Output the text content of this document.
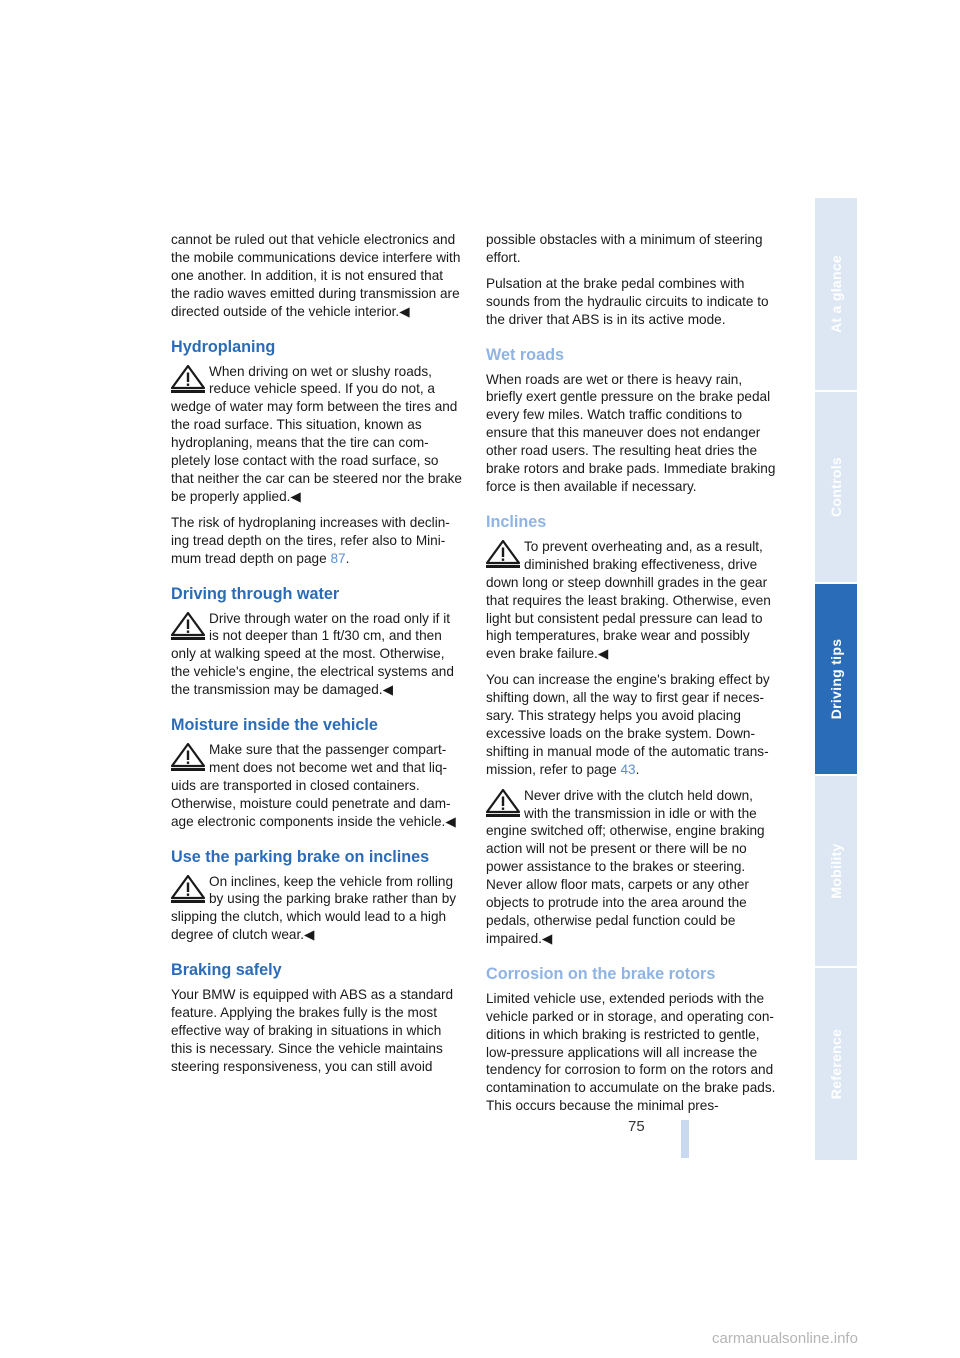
cannot be ruled out that vehicle electronics and the mobile communications device interfere with one another. In addition, it is not ensured that the radio waves emitted during transmission are directed outside of the vehicle interior.◀

Hydroplaning
When driving on wet or slushy roads, reduce vehicle speed. If you do not, a wedge of water may form between the tires and the road surface. This situation, known as hydroplaning, means that the tire can completely lose contact with the road surface, so that neither the car can be steered nor the brake be properly applied.◀

The risk of hydroplaning increases with declining tread depth on the tires, refer also to Minimum tread depth on page 87.

Driving through water
Drive through water on the road only if it is not deeper than 1 ft/30 cm, and then only at walking speed at the most. Otherwise, the vehicle's engine, the electrical systems and the transmission may be damaged.◀
Moisture inside the vehicle
Make sure that the passenger compartment does not become wet and that liquids are transported in closed containers. Otherwise, moisture could penetrate and damage electronic components inside the vehicle.◀
Use the parking brake on inclines
On inclines, keep the vehicle from rolling by using the parking brake rather than by slipping the clutch, which would lead to a high degree of clutch wear.◀
Braking safely

Your BMW is equipped with ABS as a standard feature. Applying the brakes fully is the most effective way of braking in situations in which this is necessary. Since the vehicle maintains steering responsiveness, you can still avoid

possible obstacles with a minimum of steering effort.

Pulsation at the brake pedal combines with sounds from the hydraulic circuits to indicate to the driver that ABS is in its active mode.

Wet roads

When roads are wet or there is heavy rain, briefly exert gentle pressure on the brake pedal every few miles. Watch traffic conditions to ensure that this maneuver does not endanger other road users. The resulting heat dries the brake rotors and brake pads. Immediate braking force is then available if necessary.

Inclines
To prevent overheating and, as a result, diminished braking effectiveness, drive down long or steep downhill grades in the gear that requires the least braking. Otherwise, even light but consistent pedal pressure can lead to high temperatures, brake wear and possibly even brake failure.◀

You can increase the engine's braking effect by shifting down, all the way to first gear if necessary. This strategy helps you avoid placing excessive loads on the brake system. Downshifting in manual mode of the automatic transmission, refer to page 43.

Never drive with the clutch held down, with the transmission in idle or with the engine switched off; otherwise, engine braking action will not be present or there will be no power assistance to the brakes or steering. Never allow floor mats, carpets or any other objects to protrude into the area around the pedals, otherwise pedal function could be impaired.◀
Corrosion on the brake rotors

Limited vehicle use, extended periods with the vehicle parked or in storage, and operating conditions in which braking is restricted to gentle, low-pressure applications will all increase the tendency for corrosion to form on the rotors and contamination to accumulate on the brake pads. This occurs because the minimal pres-

At a glance
Controls
Driving tips
Mobility
Reference
75
carmanualsonline.info
